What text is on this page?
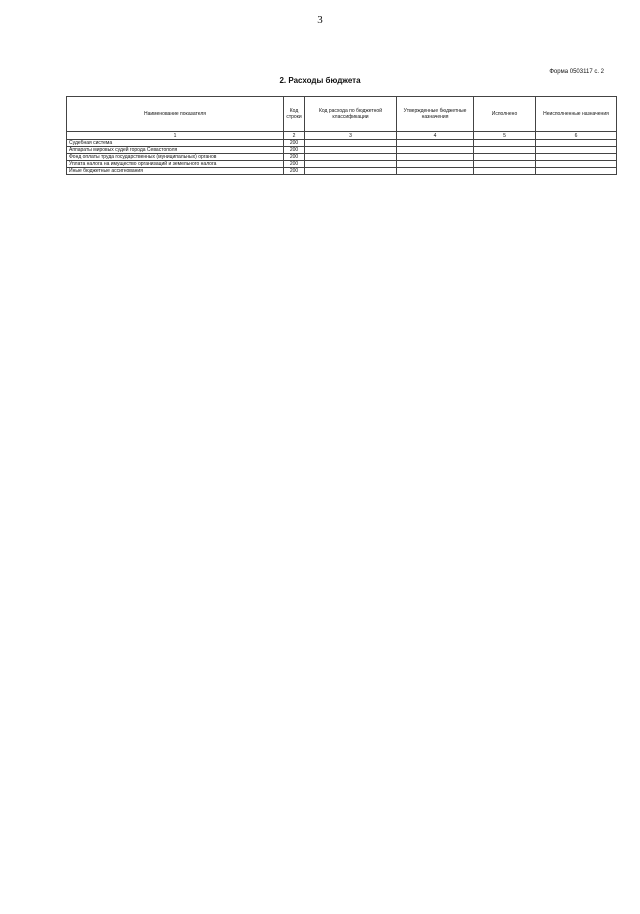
3
Форма 0503117 с. 2
2. Расходы бюджета
Наименование показателя	Код строки	Код расхода по бюджетной классификации	Утвержденные бюджетные назначения	Исполнено	Неисполненные назначения
1	2	3	4	5	6
Судебная система	200				
Аппараты мировых судей города Севастополя	200				
Фонд оплаты труда государственных (муниципальных) органов	200				
Уплата налога на имущество организаций и земельного налога	200				
Иные бюджетные ассигнования	200				
